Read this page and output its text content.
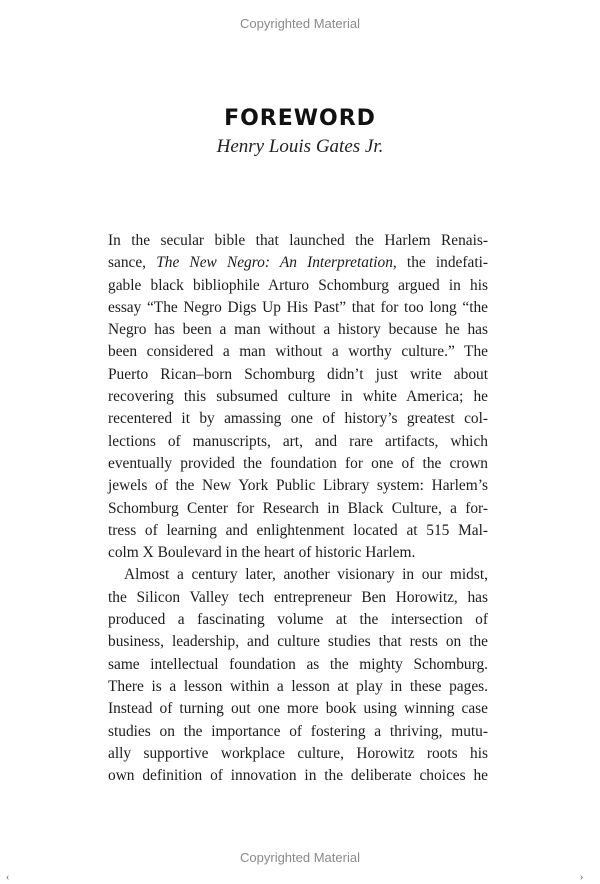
Copyrighted Material
FOREWORD
Henry Louis Gates Jr.
In the secular bible that launched the Harlem Renais-
sance, The New Negro: An Interpretation, the indefati-
gable black bibliophile Arturo Schomburg argued in his
essay “The Negro Digs Up His Past” that for too long “the
Negro has been a man without a history because he has
been considered a man without a worthy culture.” The
Puerto Rican–born Schomburg didn’t just write about
recovering this subsumed culture in white America; he
recentered it by amassing one of history’s greatest col-
lections of manuscripts, art, and rare artifacts, which
eventually provided the foundation for one of the crown
jewels of the New York Public Library system: Harlem’s
Schomburg Center for Research in Black Culture, a for-
tress of learning and enlightenment located at 515 Mal-
colm X Boulevard in the heart of historic Harlem.
Almost a century later, another visionary in our midst,
the Silicon Valley tech entrepreneur Ben Horowitz, has
produced a fascinating volume at the intersection of
business, leadership, and culture studies that rests on the
same intellectual foundation as the mighty Schomburg.
There is a lesson within a lesson at play in these pages.
Instead of turning out one more book using winning case
studies on the importance of fostering a thriving, mutu-
ally supportive workplace culture, Horowitz roots his
own definition of innovation in the deliberate choices he
Copyrighted Material
‹	›
